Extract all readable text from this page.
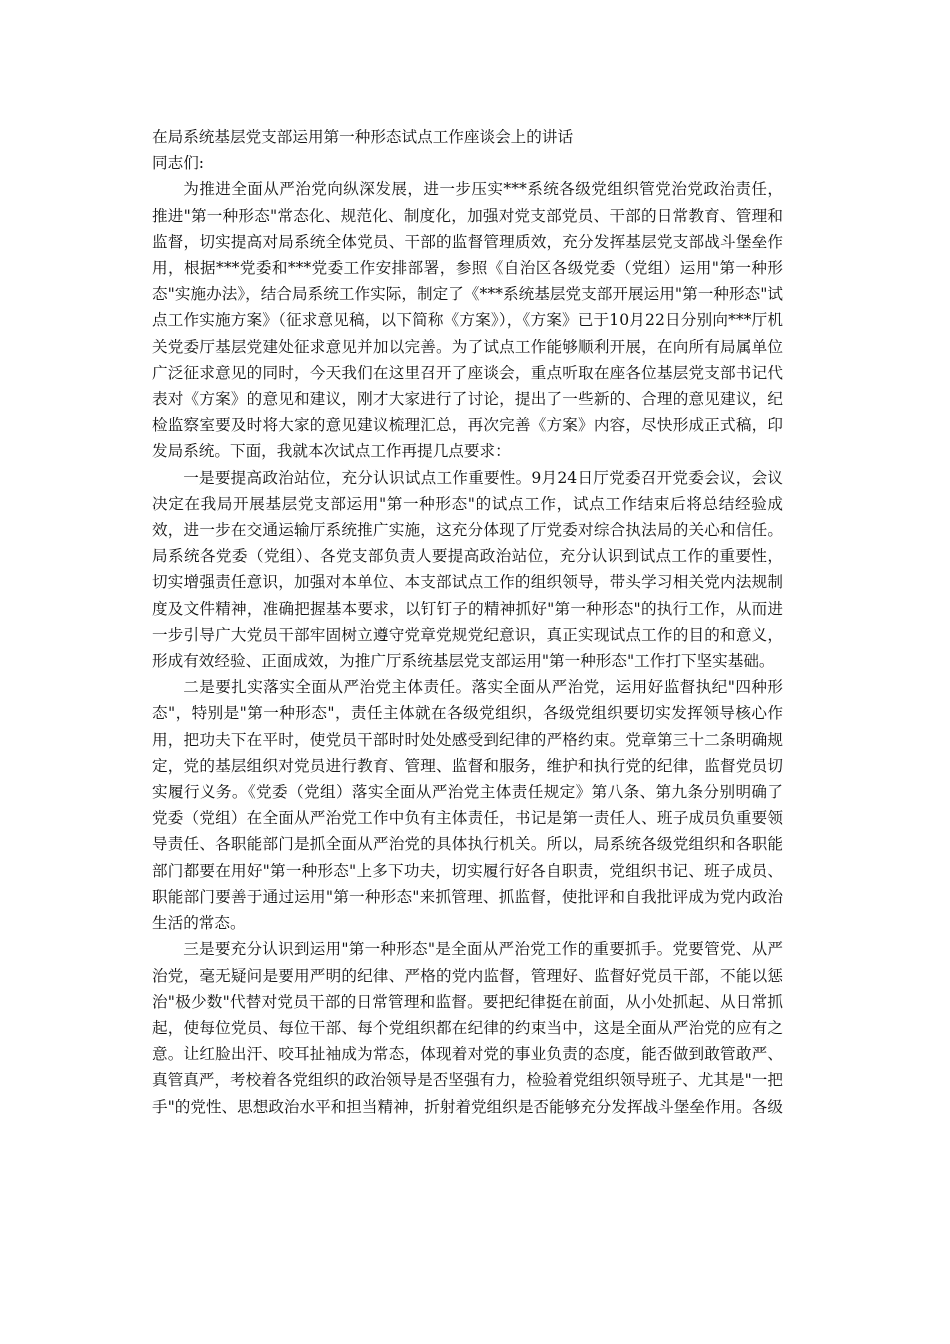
在局系统基层党支部运用第一种形态试点工作座谈会上的讲话

同志们:

为推进全面从严治党向纵深发展，进一步压实***系统各级党组织管党治党政治责任，推进"第一种形态"常态化、规范化、制度化，加强对党支部党员、干部的日常教育、管理和监督，切实提高对局系统全体党员、干部的监督管理质效，充分发挥基层党支部战斗堡垒作用，根据***党委和***党委工作安排部署，参照《自治区各级党委（党组）运用"第一种形态"实施办法》，结合局系统工作实际，制定了《***系统基层党支部开展运用"第一种形态"试点工作实施方案》（征求意见稿，以下简称《方案》），《方案》已于10月22日分别向***厅机关党委厅基层党建处征求意见并加以完善。为了试点工作能够顺利开展，在向所有局属单位广泛征求意见的同时，今天我们在这里召开了座谈会，重点听取在座各位基层党支部书记代表对《方案》的意见和建议，刚才大家进行了讨论，提出了一些新的、合理的意见建议，纪检监察室要及时将大家的意见建议梳理汇总，再次完善《方案》内容，尽快形成正式稿，印发局系统。下面，我就本次试点工作再提几点要求：

一是要提高政治站位，充分认识试点工作重要性。9月24日厅党委召开党委会议，会议决定在我局开展基层党支部运用"第一种形态"的试点工作，试点工作结束后将总结经验成效，进一步在交通运输厅系统推广实施，这充分体现了厅党委对综合执法局的关心和信任。局系统各党委（党组）、各党支部负责人要提高政治站位，充分认识到试点工作的重要性，切实增强责任意识，加强对本单位、本支部试点工作的组织领导，带头学习相关党内法规制度及文件精神，准确把握基本要求，以钉钉子的精神抓好"第一种形态"的执行工作，从而进一步引导广大党员干部牢固树立遵守党章党规党纪意识，真正实现试点工作的目的和意义，形成有效经验、正面成效，为推广厅系统基层党支部运用"第一种形态"工作打下坚实基础。

二是要扎实落实全面从严治党主体责任。落实全面从严治党，运用好监督执纪"四种形态"，特别是"第一种形态"，责任主体就在各级党组织，各级党组织要切实发挥领导核心作用，把功夫下在平时，使党员干部时时处处感受到纪律的严格约束。党章第三十二条明确规定，党的基层组织对党员进行教育、管理、监督和服务，维护和执行党的纪律，监督党员切实履行义务。《党委（党组）落实全面从严治党主体责任规定》第八条、第九条分别明确了党委（党组）在全面从严治党工作中负有主体责任，书记是第一责任人、班子成员负重要领导责任、各职能部门是抓全面从严治党的具体执行机关。所以，局系统各级党组织和各职能部门都要在用好"第一种形态"上多下功夫，切实履行好各自职责，党组织书记、班子成员、职能部门要善于通过运用"第一种形态"来抓管理、抓监督，使批评和自我批评成为党内政治生活的常态。

三是要充分认识到运用"第一种形态"是全面从严治党工作的重要抓手。党要管党、从严治党，毫无疑问是要用严明的纪律、严格的党内监督，管理好、监督好党员干部，不能以惩治"极少数"代替对党员干部的日常管理和监督。要把纪律挺在前面，从小处抓起、从日常抓起，使每位党员、每位干部、每个党组织都在纪律的约束当中，这是全面从严治党的应有之意。让红脸出汗、咬耳扯袖成为常态，体现着对党的事业负责的态度，能否做到敢管敢严、真管真严，考校着各党组织的政治领导是否坚强有力，检验着党组织领导班子、尤其是"一把手"的党性、思想政治水平和担当精神，折射着党组织是否能够充分发挥战斗堡垒作用。各级
